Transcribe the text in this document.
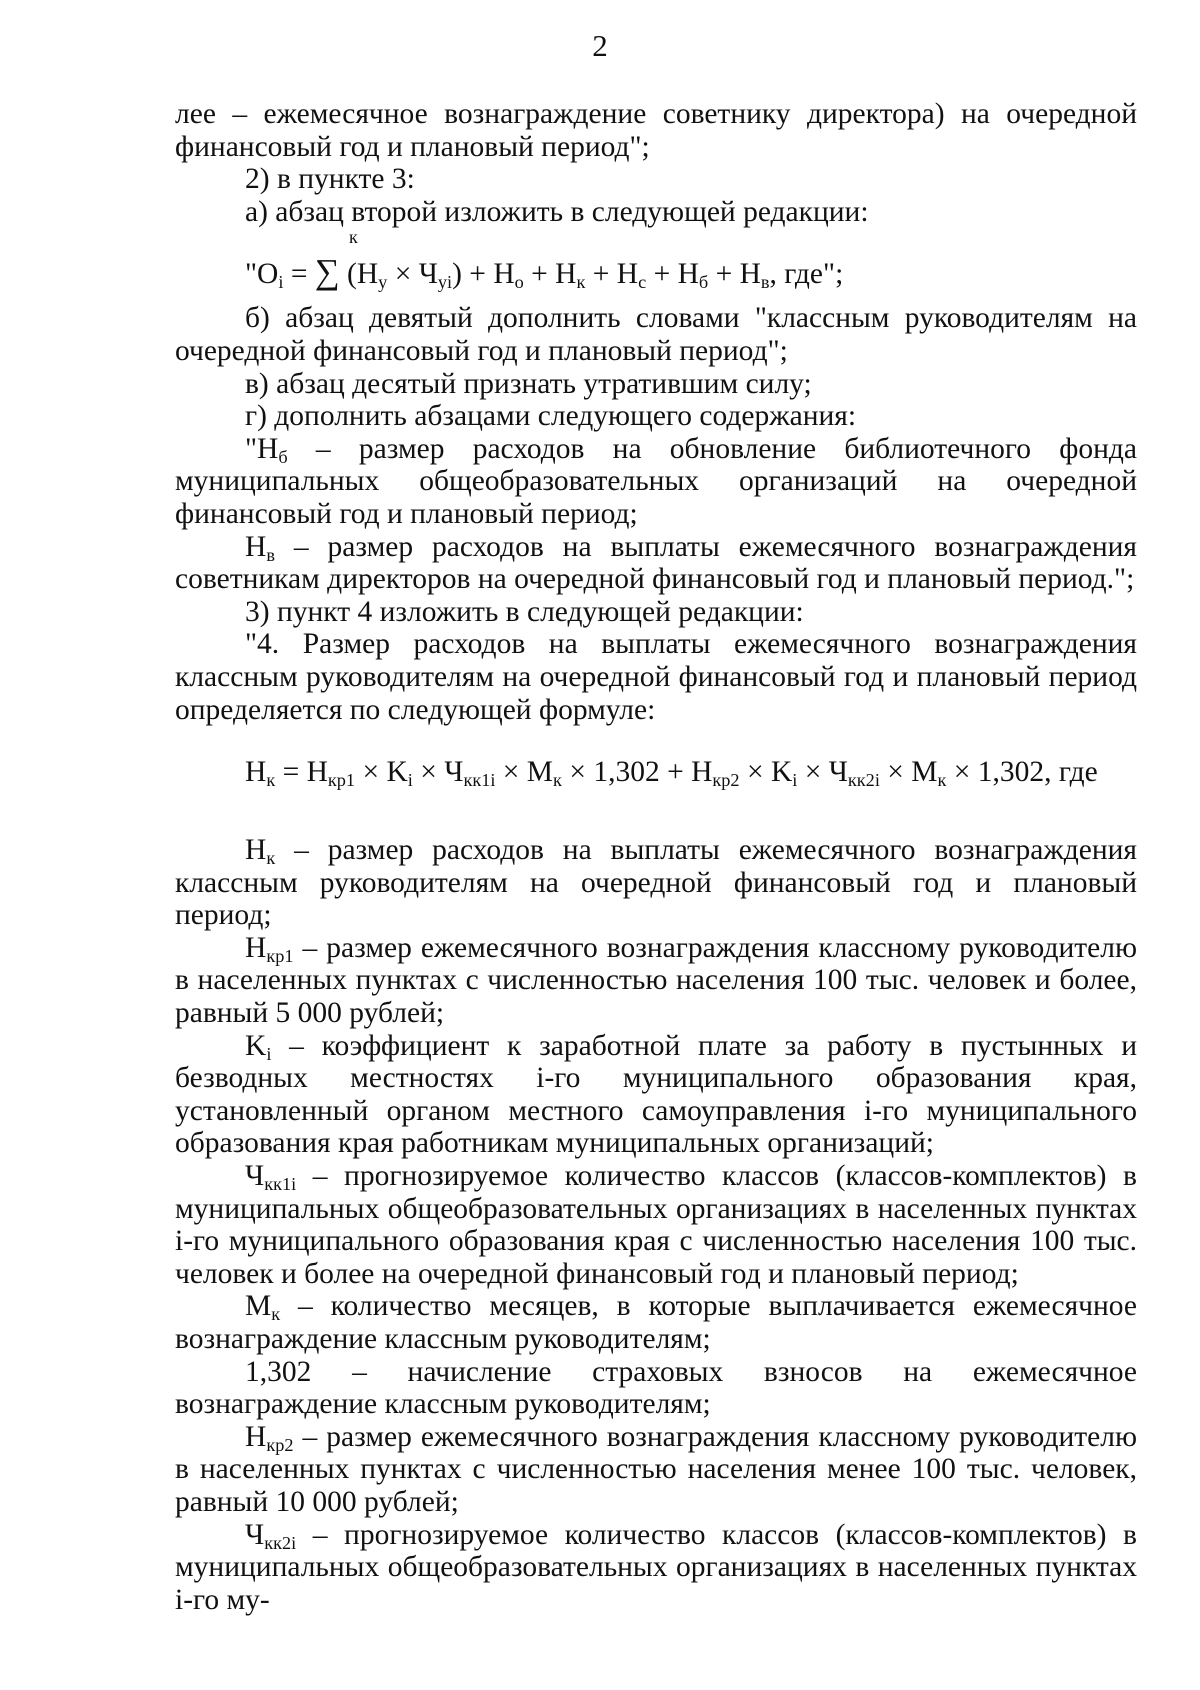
2

лее – ежемесячное вознаграждение советнику директора) на очередной финансовый год и плановый период";

2) в пункте 3:

а) абзац второй изложить в следующей редакции:

к
"$O_i$ = ∑ $(Н_у \times Ч_{уi}) + Н_о + Н_к + Н_с + Н_б + Н_в$, где";

б) абзац девятый дополнить словами "классным руководителям на очередной финансовый год и плановый период";

в) абзац десятый признать утратившим силу;

г) дополнить абзацами следующего содержания:

"$Н_б$ – размер расходов на обновление библиотечного фонда муниципальных общеобразовательных организаций на очередной финансовый год и плановый период;

$Н_в$ – размер расходов на выплаты ежемесячного вознаграждения советникам директоров на очередной финансовый год и плановый период.";

3) пункт 4 изложить в следующей редакции:

"4. Размер расходов на выплаты ежемесячного вознаграждения классным руководителям на очередной финансовый год и плановый период определяется по следующей формуле:

$Н_к = Н_{кр1} \times K_i \times Ч_{кк1i} \times М_к \times 1,302 + Н_{кр2} \times K_i \times Ч_{кк2i} \times М_к \times 1,302$, где

$Н_к$ – размер расходов на выплаты ежемесячного вознаграждения классным руководителям на очередной финансовый год и плановый период;

$Н_{кр1}$ – размер ежемесячного вознаграждения классному руководителю в населенных пунктах с численностью населения 100 тыс. человек и более, равный 5 000 рублей;

$K_i$ – коэффициент к заработной плате за работу в пустынных и безводных местностях i-го муниципального образования края, установленный органом местного самоуправления i-го муниципального образования края работникам муниципальных организаций;

$Ч_{кк1i}$ – прогнозируемое количество классов (классов-комплектов) в муниципальных общеобразовательных организациях в населенных пунктах i-го муниципального образования края с численностью населения 100 тыс. человек и более на очередной финансовый год и плановый период;

$М_к$ – количество месяцев, в которые выплачивается ежемесячное вознаграждение классным руководителям;

1,302 – начисление страховых взносов на ежемесячное вознаграждение классным руководителям;

$Н_{кр2}$ – размер ежемесячного вознаграждения классному руководителю в населенных пунктах с численностью населения менее 100 тыс. человек, равный 10 000 рублей;

$Ч_{кк2i}$ – прогнозируемое количество классов (классов-комплектов) в муниципальных общеобразовательных организациях в населенных пунктах i-го му-
